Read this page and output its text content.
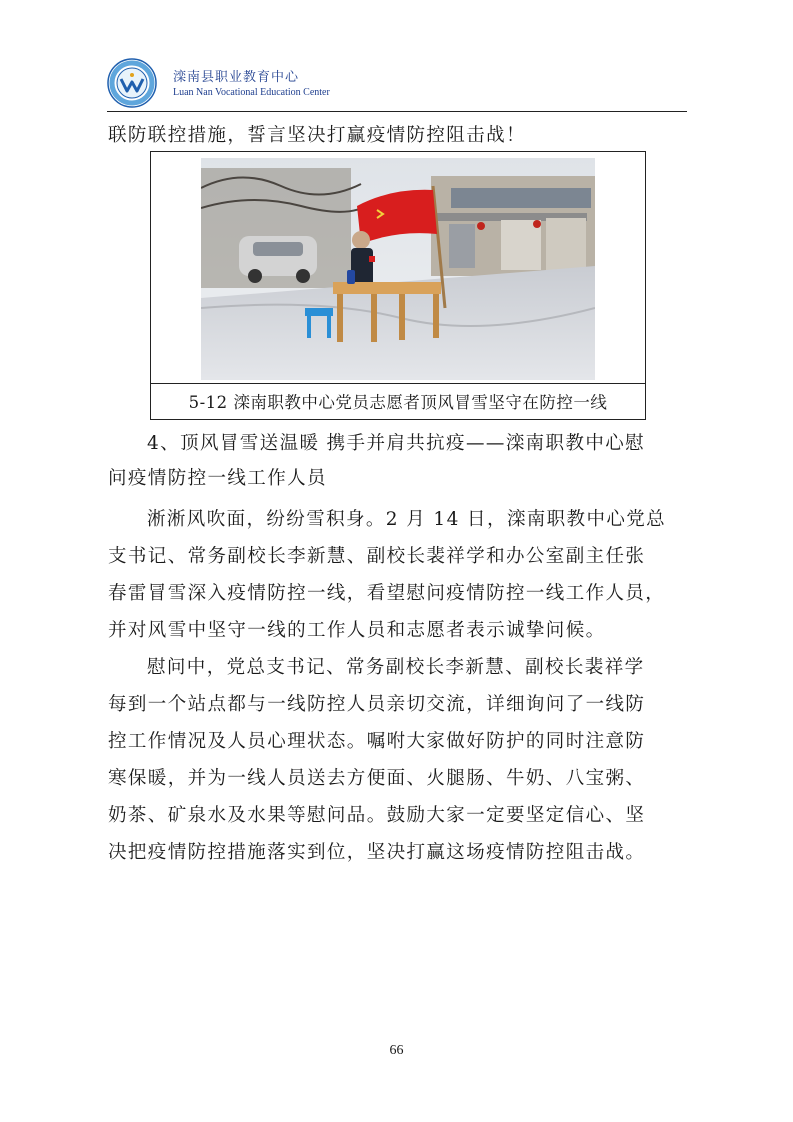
滦南县职业教育中心
Luan Nan Vocational Education Center
联防联控措施，誓言坚决打赢疫情防控阻击战！
5-12 滦南职教中心党员志愿者顶风冒雪坚守在防控一线
4、顶风冒雪送温暖 携手并肩共抗疫——滦南职教中心慰
问疫情防控一线工作人员
淅淅风吹面，纷纷雪积身。2 月 14 日，滦南职教中心党总
支书记、常务副校长李新慧、副校长裴祥学和办公室副主任张
春雷冒雪深入疫情防控一线，看望慰问疫情防控一线工作人员，
并对风雪中坚守一线的工作人员和志愿者表示诚挚问候。
慰问中，党总支书记、常务副校长李新慧、副校长裴祥学
每到一个站点都与一线防控人员亲切交流，详细询问了一线防
控工作情况及人员心理状态。嘱咐大家做好防护的同时注意防
寒保暖，并为一线人员送去方便面、火腿肠、牛奶、八宝粥、
奶茶、矿泉水及水果等慰问品。鼓励大家一定要坚定信心、坚
决把疫情防控措施落实到位，坚决打赢这场疫情防控阻击战。
66
